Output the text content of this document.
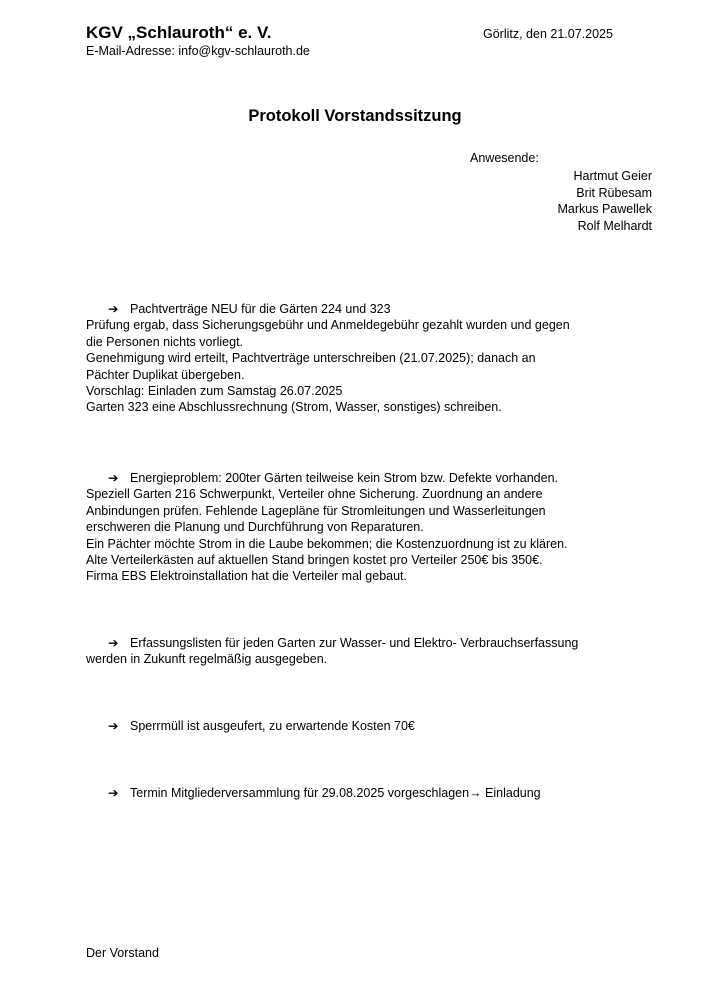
KGV „Schlauroth“ e. V.
E-Mail-Adresse: info@kgv-schlauroth.de
Görlitz, den 21.07.2025
Protokoll Vorstandssitzung
Anwesende:
Hartmut Geier
Brit Rübesam
Markus Pawellek
Rolf Melhardt
➔ Pachtverträge NEU für die Gärten 224 und 323
Prüfung ergab, dass Sicherungsgebühr und Anmeldegebühr gezahlt wurden und gegen
die Personen nichts vorliegt.
Genehmigung wird erteilt, Pachtverträge unterschreiben (21.07.2025); danach an
Pächter Duplikat übergeben.
Vorschlag: Einladen zum Samstag 26.07.2025
Garten 323 eine Abschlussrechnung (Strom, Wasser, sonstiges) schreiben.
➔ Energieproblem: 200ter Gärten teilweise kein Strom bzw. Defekte vorhanden.
Speziell Garten 216 Schwerpunkt, Verteiler ohne Sicherung. Zuordnung an andere
Anbindungen prüfen. Fehlende Lagepläne für Stromleitungen und Wasserleitungen
erschweren die Planung und Durchführung von Reparaturen.
Ein Pächter möchte Strom in die Laube bekommen; die Kostenzuordnung ist zu klären.
Alte Verteilerkästen auf aktuellen Stand bringen kostet pro Verteiler 250€ bis 350€.
Firma EBS Elektroinstallation hat die Verteiler mal gebaut.
➔ Erfassungslisten für jeden Garten zur Wasser- und Elektro- Verbrauchserfassung
werden in Zukunft regelmäßig ausgegeben.
➔ Sperrmüll ist ausgeufert, zu erwartende Kosten 70€
➔ Termin Mitgliederversammlung für 29.08.2025 vorgeschlagen→ Einladung
Der Vorstand
